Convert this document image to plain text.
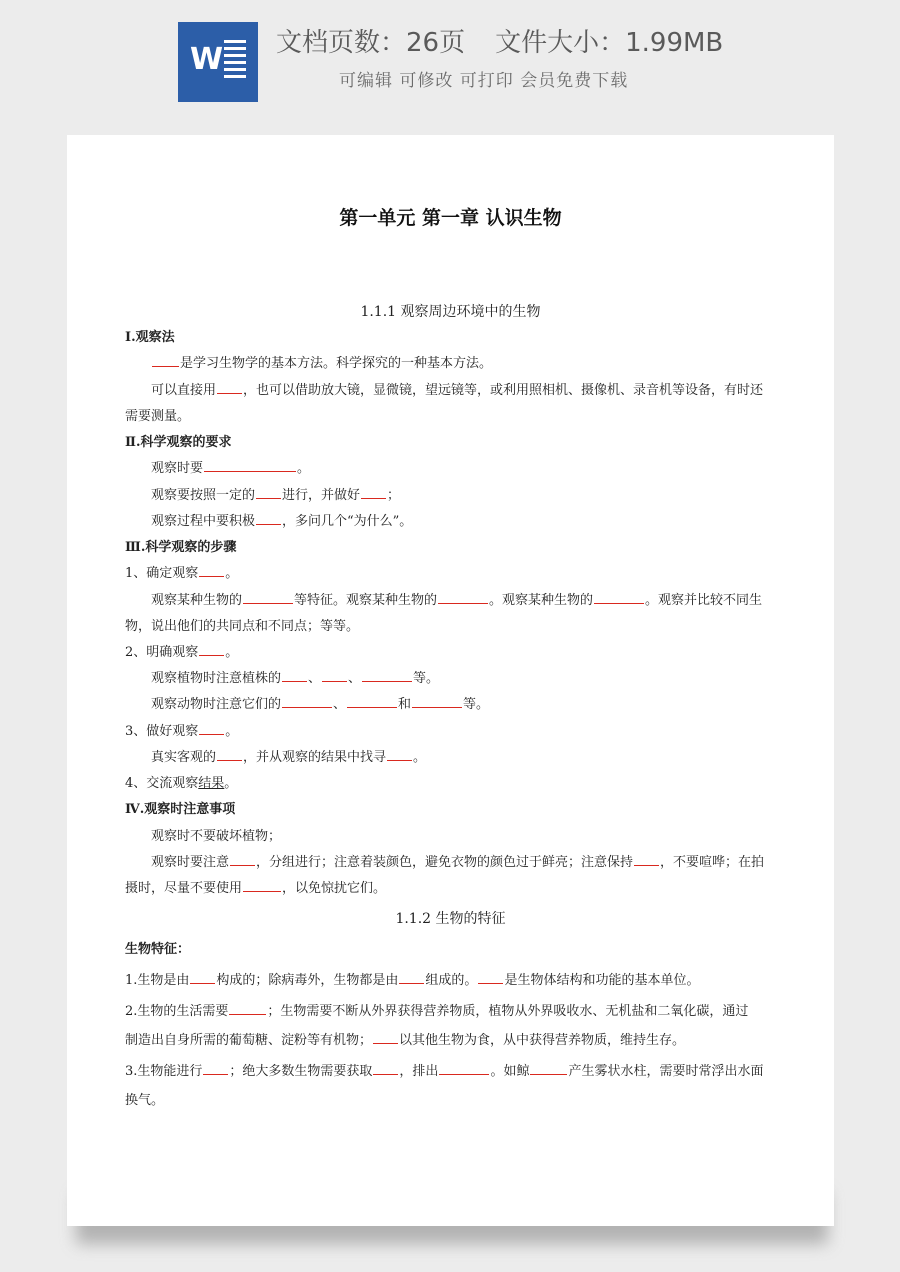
W 文档页数：26页 文件大小：1.99MB
可编辑 可修改 可打印 会员免费下载
第一单元 第一章 认识生物
1.1.1 观察周边环境中的生物
Ⅰ.观察法
是学习生物学的基本方法。科学探究的一种基本方法。
可以直接用 ，也可以借助放大镜，显微镜，望远镜等，或利用照相机、摄像机、录音机等设备，有时还
需要测量。
Ⅱ.科学观察的要求
观察时要	。
观察要按照一定的 进行，并做好 ；
观察过程中要积极 ，多问几个“为什么”。
Ⅲ.科学观察的步骤
1、确定观察 。
观察某种生物的	等特征。观察某种生物的	。观察某种生物的	。观察并比较不同生
物，说出他们的共同点和不同点；等等。
2、明确观察 。
观察植物时注意植株的 、 、	等。
观察动物时注意它们的	、	和	等。
3、做好观察 。
真实客观的 ，并从观察的结果中找寻 。
4、交流观察结果。
Ⅳ.观察时注意事项
观察时不要破坏植物；
观察时要注意 ，分组进行；注意着装颜色，避免衣物的颜色过于鲜亮；注意保持 ，不要喧哗；在拍
摄时，尽量不要使用	，以免惊扰它们。
1.1.2 生物的特征
生物特征：
1.生物是由 构成的；除病毒外，生物都是由 组成的。 是生物体结构和功能的基本单位。
2.生物的生活需要	；生物需要不断从外界获得营养物质，植物从外界吸收水、无机盐和二氧化碳，通过
制造出自身所需的葡萄糖、淀粉等有机物； 以其他生物为食，从中获得营养物质，维持生存。
3.生物能进行 ；绝大多数生物需要获取 ，排出	。如鲸	产生雾状水柱，需要时常浮出水面
换气。
